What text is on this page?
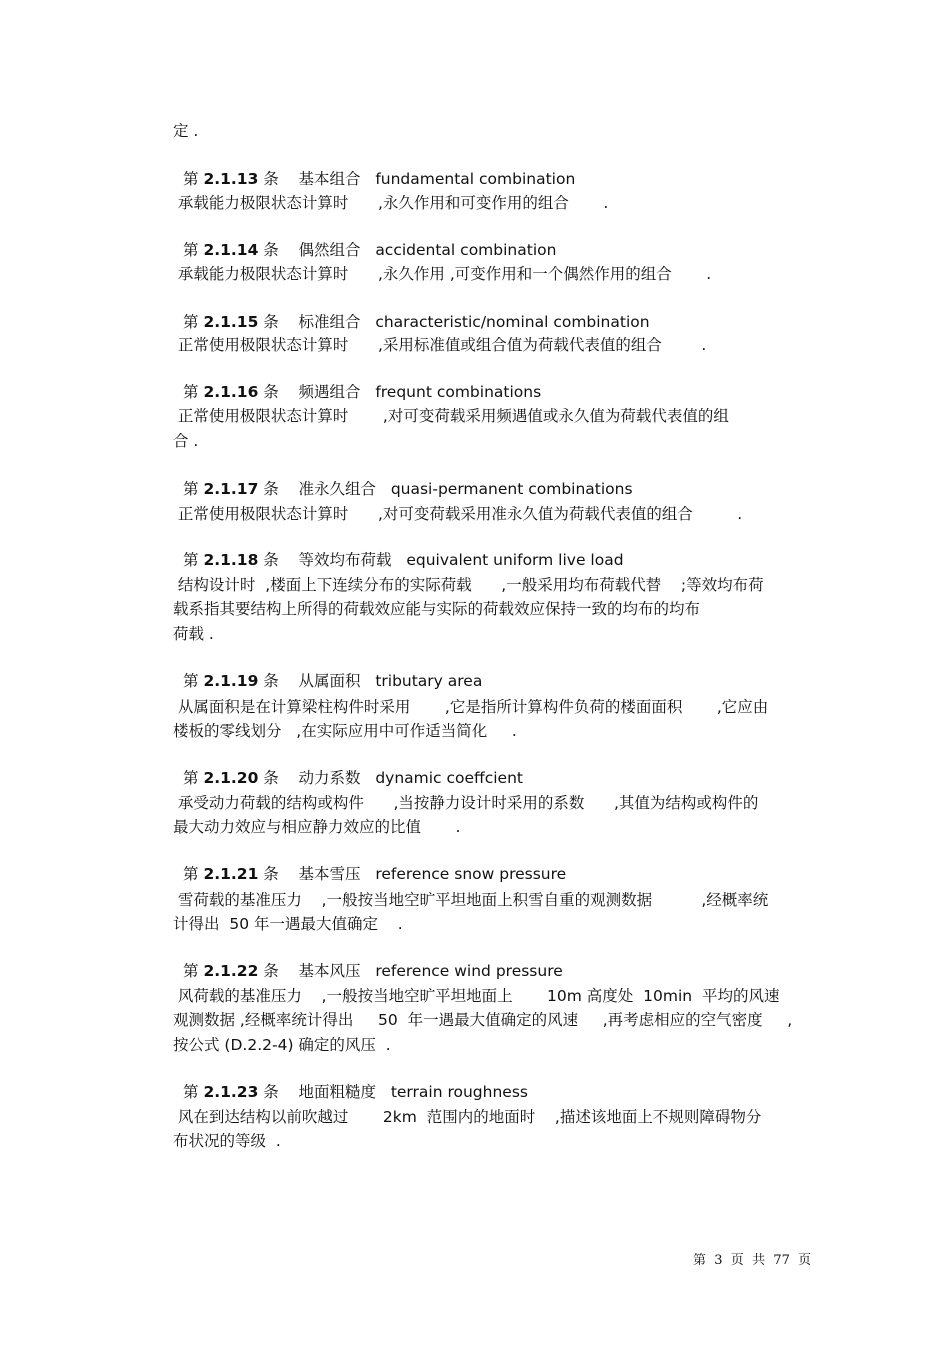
定 .
第 2.1.13 条 基本组合 fundamental combination
承载能力极限状态计算时      ,永久作用和可变作用的组合       .
第 2.1.14 条 偶然组合 accidental combination
承载能力极限状态计算时      ,永久作用 ,可变作用和一个偶然作用的组合       .
第 2.1.15 条 标准组合 characteristic/nominal combination
正常使用极限状态计算时      ,采用标准值或组合值为荷载代表值的组合        .
第 2.1.16 条 频遇组合 frequnt combinations
正常使用极限状态计算时       ,对可变荷载采用频遇值或永久值为荷载代表值的组
合 .
第 2.1.17 条 准永久组合 quasi-permanent combinations
正常使用极限状态计算时      ,对可变荷载采用准永久值为荷载代表值的组合         .
第 2.1.18 条 等效均布荷载 equivalent uniform live load
结构设计时  ,楼面上下连续分布的实际荷载      ,一般采用均布荷载代替    ;等效均布荷
载系指其要结构上所得的荷载效应能与实际的荷载效应保持一致的均布的均布
荷载 .
第 2.1.19 条 从属面积 tributary area
从属面积是在计算梁柱构件时采用       ,它是指所计算构件负荷的楼面面积       ,它应由
楼板的零线划分   ,在实际应用中可作适当简化     .
第 2.1.20 条 动力系数 dynamic coeffcient
承受动力荷载的结构或构件      ,当按静力设计时采用的系数      ,其值为结构或构件的
最大动力效应与相应静力效应的比值       .
第 2.1.21 条 基本雪压 reference snow pressure
雪荷载的基准压力    ,一般按当地空旷平坦地面上积雪自重的观测数据          ,经概率统
计得出  50 年一遇最大值确定    .
第 2.1.22 条 基本风压 reference wind pressure
风荷载的基准压力    ,一般按当地空旷平坦地面上       10m 高度处  10min  平均的风速
观测数据 ,经概率统计得出     50  年一遇最大值确定的风速     ,再考虑相应的空气密度     ,
按公式 (D.2.2-4) 确定的风压  .
第 2.1.23 条 地面粗糙度 terrain roughness
风在到达结构以前吹越过       2km  范围内的地面时    ,描述该地面上不规则障碍物分
布状况的等级  .
第  3  页  共  77  页
